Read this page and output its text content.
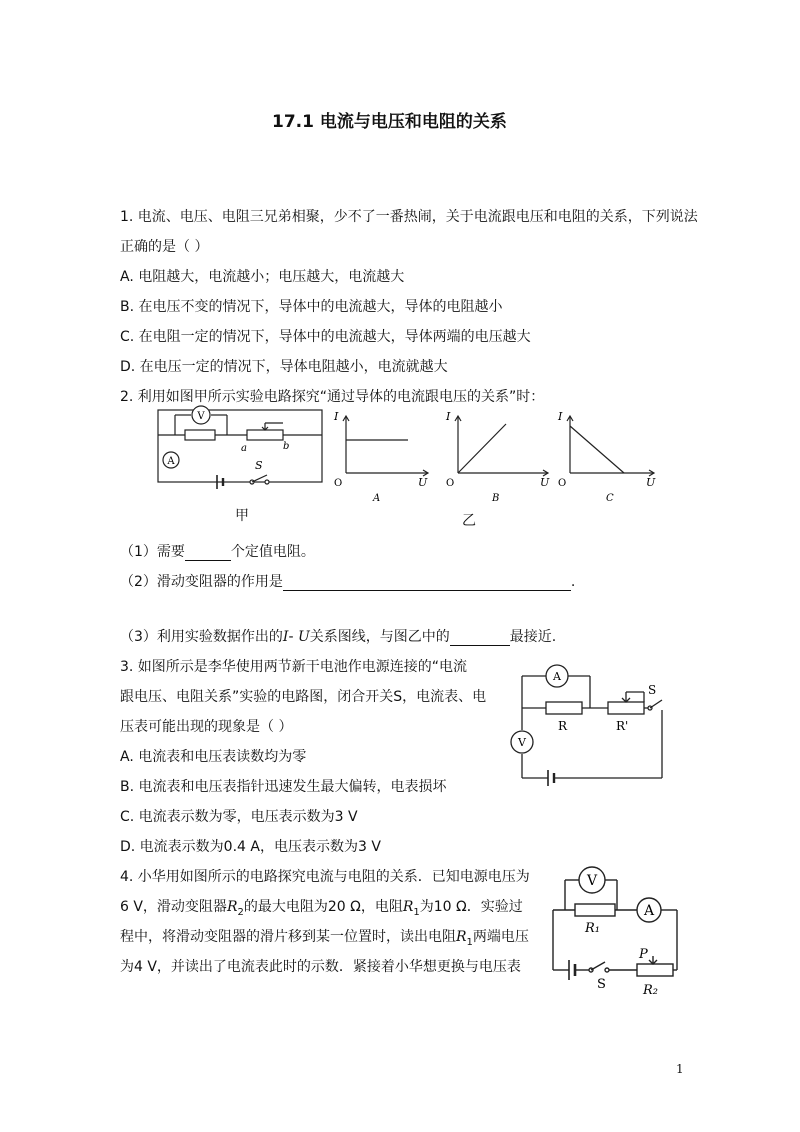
17.1 电流与电压和电阻的关系
1. 电流、电压、电阻三兄弟相聚，少不了一番热闹，关于电流跟电压和电阻的关系，下列说法
正确的是（ ）
A. 电阻越大，电流越小；电压越大，电流越大
B. 在电压不变的情况下，导体中的电流越大，导体的电阻越小
C. 在电阻一定的情况下，导体中的电流越大，导体两端的电压越大
D. 在电压一定的情况下，导体电阻越小，电流就越大
2. 利用如图甲所示实验电路探究“通过导体的电流跟电压的关系”时：
V
A	S
a	b
甲
I
U
O
A
I
U
O
B
I
U
O
C
乙
（1）需要	个定值电阻。
（2）滑动变阻器的作用是	.
（3）利用实验数据作出的I- U关系图线，与图乙中的	最接近.
3. 如图所示是李华使用两节新干电池作电源连接的“电流
跟电压、电阻关系”实验的电路图，闭合开关S，电流表、电
压表可能出现的现象是（ ）
A. 电流表和电压表读数均为零
B. 电流表和电压表指针迅速发生最大偏转，电表损坏
C. 电流表示数为零，电压表示数为3 V
D. 电流表示数为0.4 A，电压表示数为3 V
A
V
R	R'
S
4. 小华用如图所示的电路探究电流与电阻的关系．已知电源电压为
6 V，滑动变阻器$R_2$的最大电阻为20 Ω，电阻$R_1$为10 Ω．实验过
程中，将滑动变阻器的滑片移到某一位置时，读出电阻$R_1$两端电压
为4 V，并读出了电流表此时的示数．紧接着小华想更换与电压表
V
A
R₁
P
S	R₂
1
